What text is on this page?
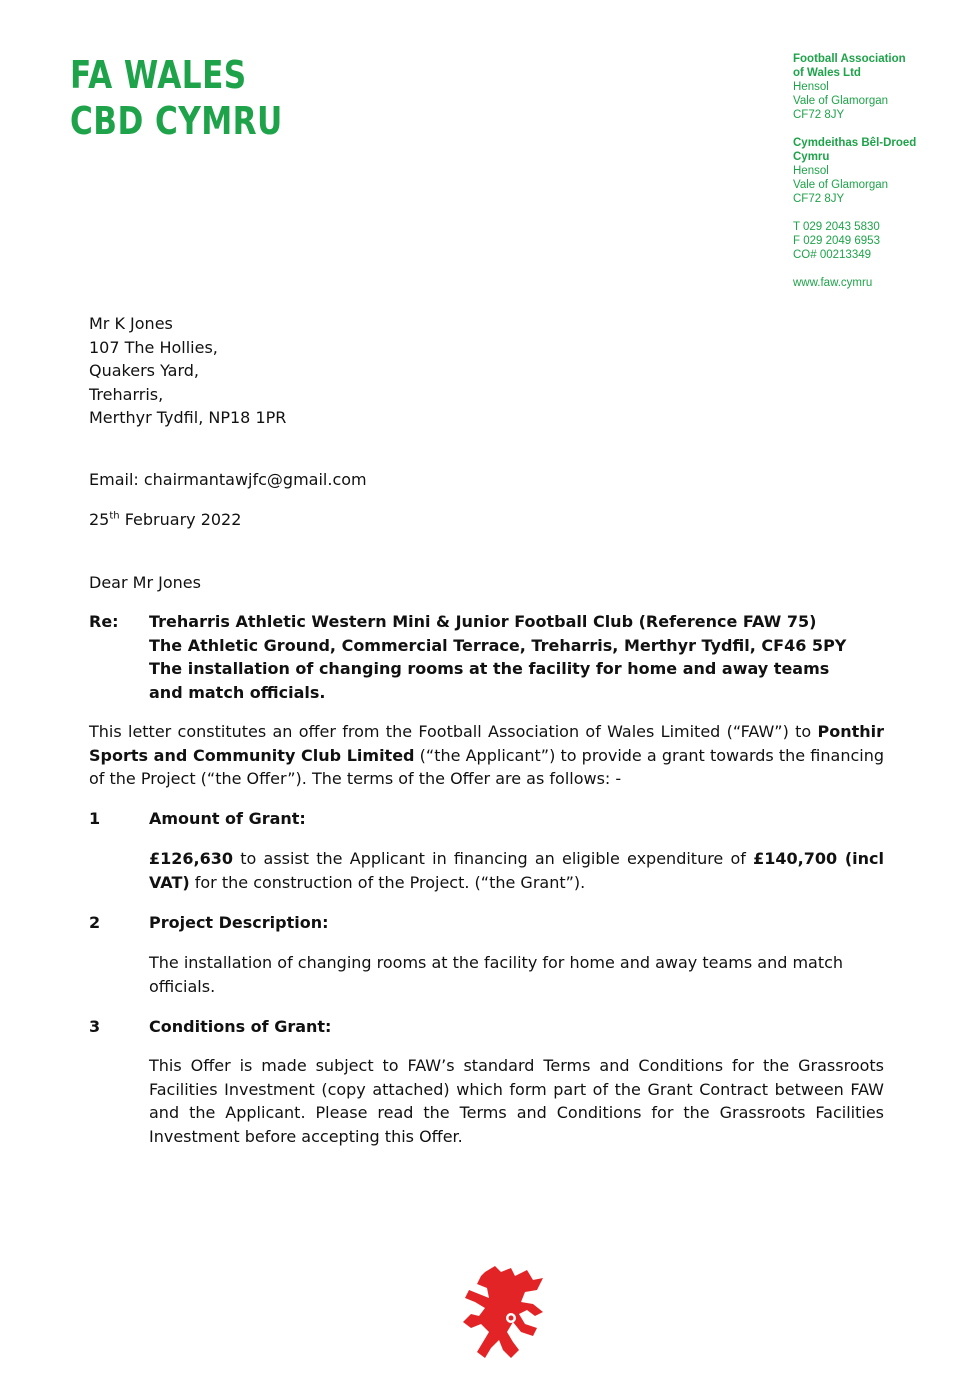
FA WALES
CBD CYMRU
Football Association
of Wales Ltd
Hensol
Vale of Glamorgan
CF72 8JY
Cymdeithas Bêl-Droed
Cymru
Hensol
Vale of Glamorgan
CF72 8JY
T 029 2043 5830
F 029 2049 6953
CO# 00213349
www.faw.cymru
Mr K Jones
107 The Hollies,
Quakers Yard,
Treharris,
Merthyr Tydfil, NP18 1PR
Email: chairmantawjfc@gmail.com
25th February 2022
Dear Mr Jones
Re: Treharris Athletic Western Mini & Junior Football Club (Reference FAW 75)
The Athletic Ground, Commercial Terrace, Treharris, Merthyr Tydfil, CF46 5PY
The installation of changing rooms at the facility for home and away teams
and match officials.
This letter constitutes an offer from the Football Association of Wales Limited (“FAW”) to Ponthir Sports and Community Club Limited (“the Applicant”) to provide a grant towards the financing of the Project (“the Offer”). The terms of the Offer are as follows: -
1	Amount of Grant:
£126,630 to assist the Applicant in financing an eligible expenditure of £140,700 (incl VAT) for the construction of the Project. (“the Grant”).
2	Project Description:
The installation of changing rooms at the facility for home and away teams and match officials.
3	Conditions of Grant:
This Offer is made subject to FAW’s standard Terms and Conditions for the Grassroots Facilities Investment (copy attached) which form part of the Grant Contract between FAW and the Applicant. Please read the Terms and Conditions for the Grassroots Facilities Investment before accepting this Offer.
